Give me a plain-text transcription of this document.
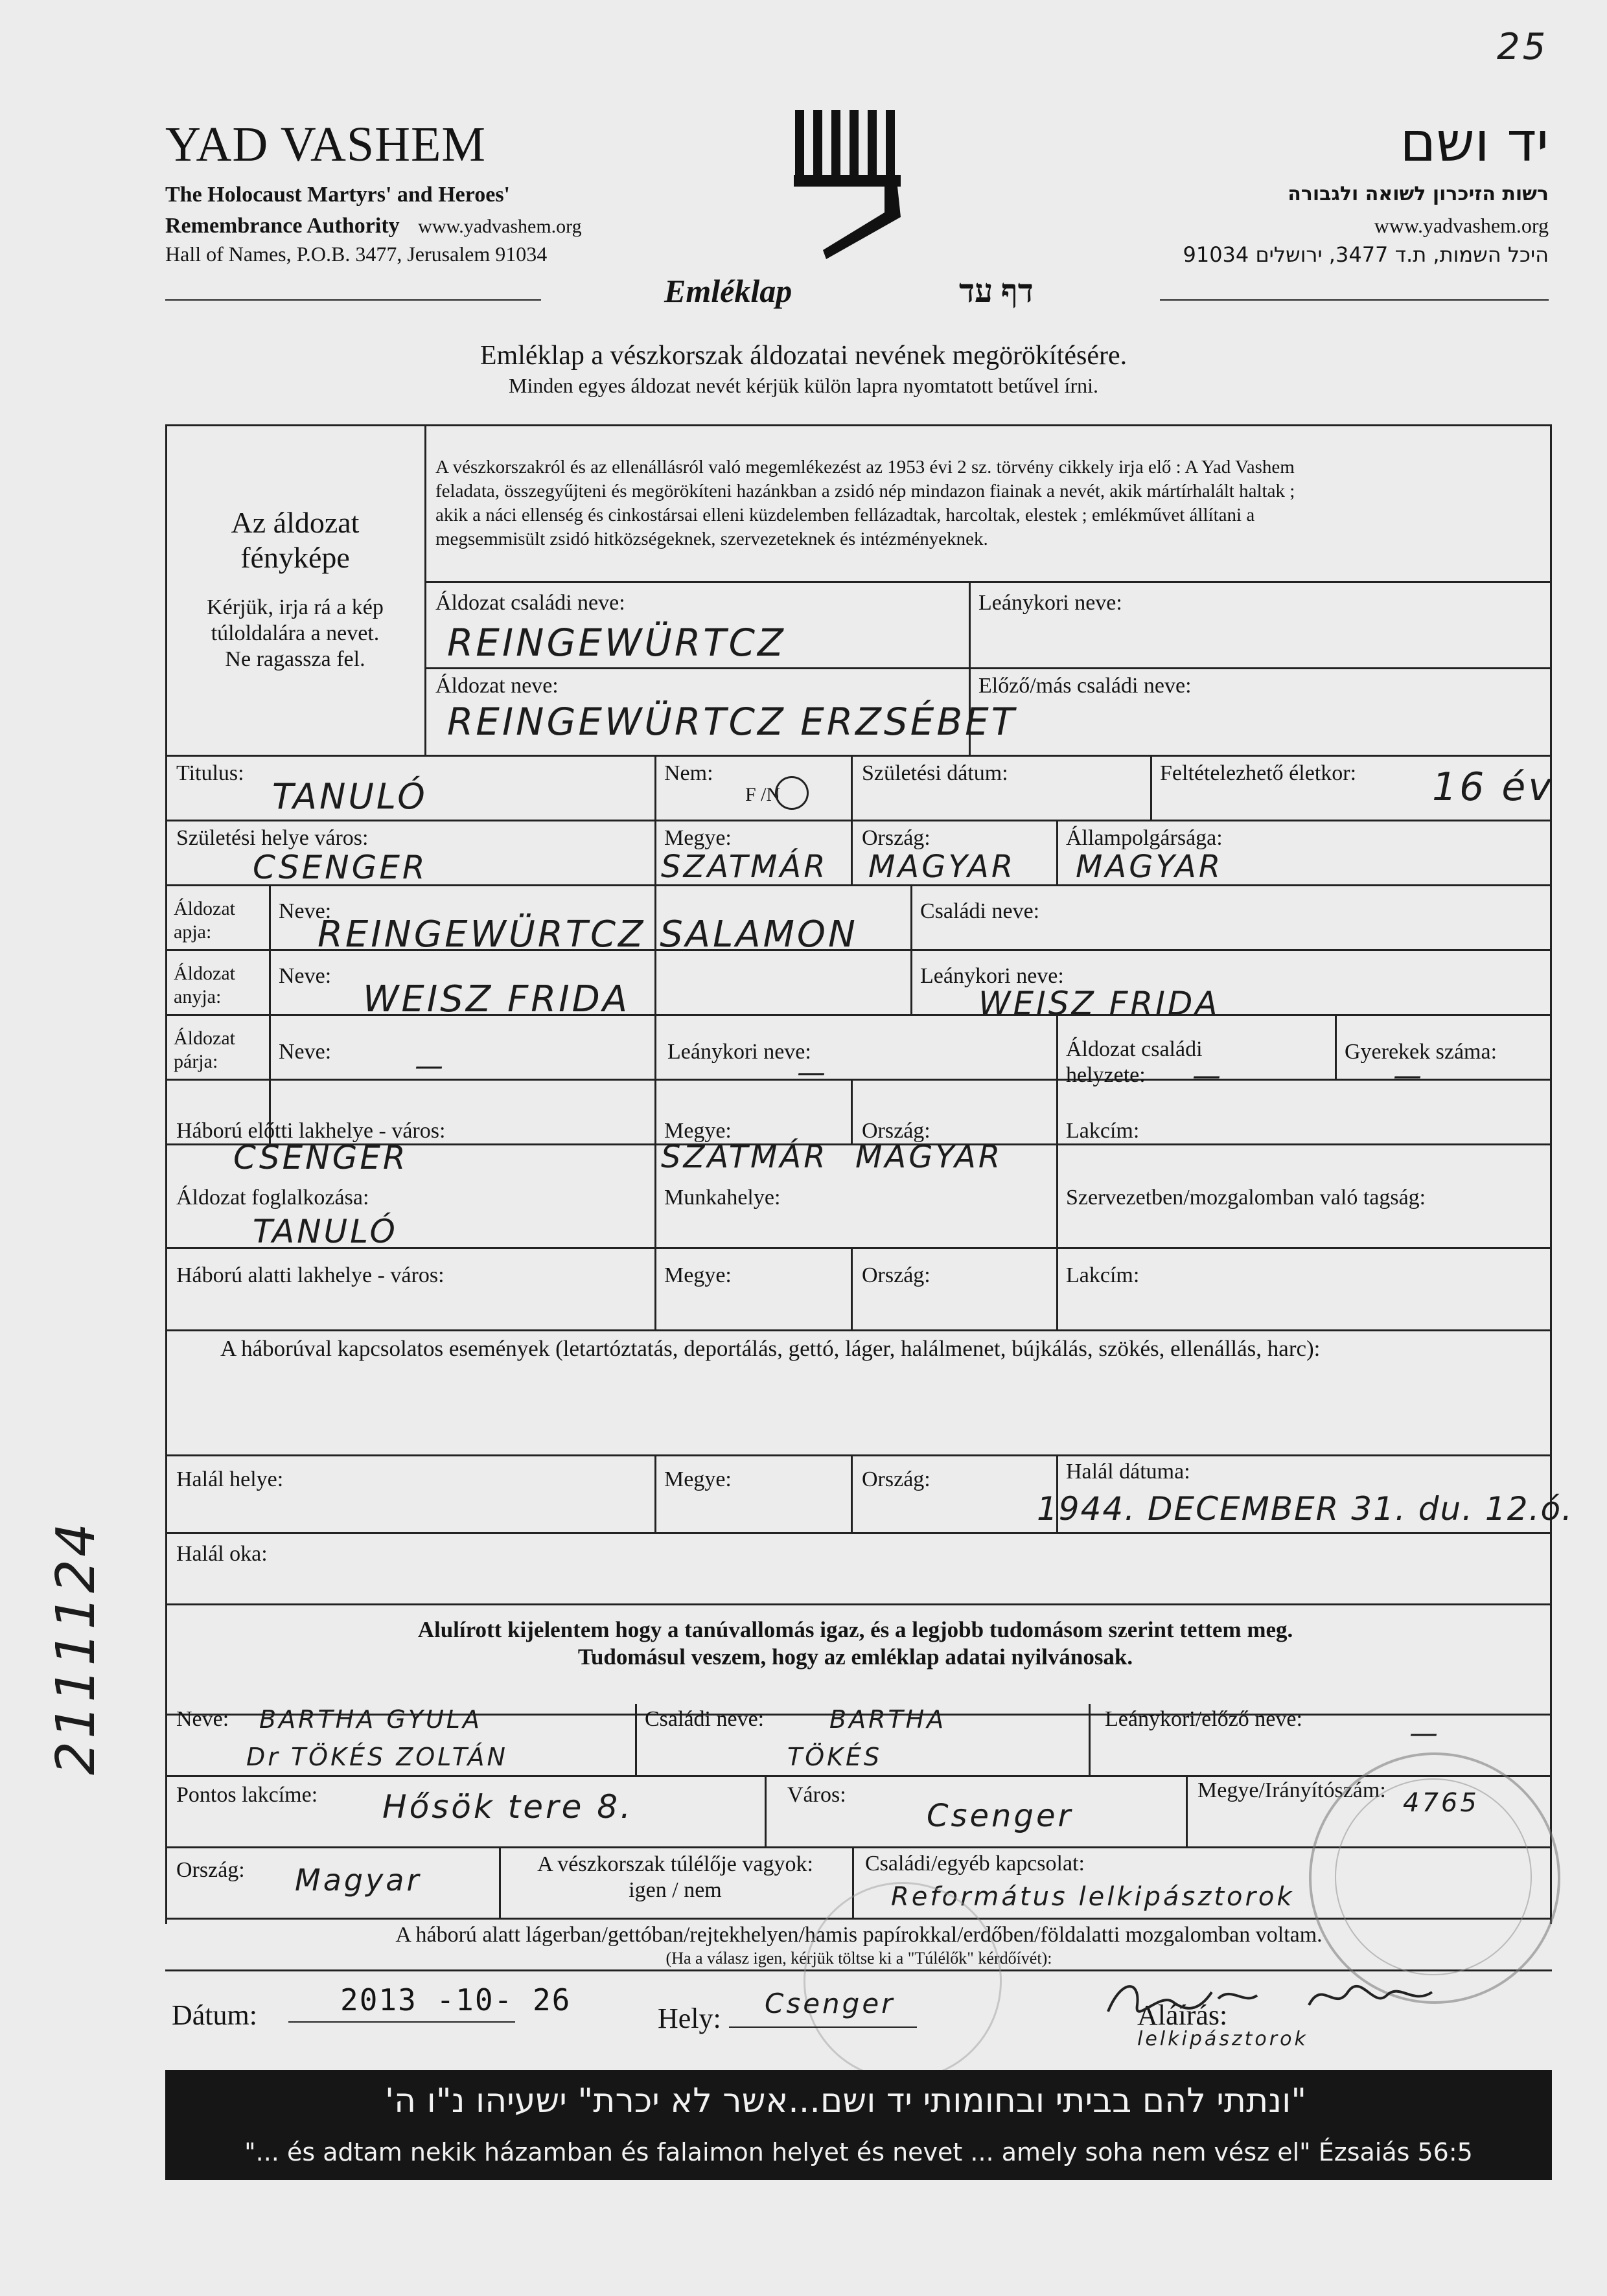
25
YAD VASHEM
The Holocaust Martyrs' and Heroes'
Remembrance Authority www.yadvashem.org
Hall of Names, P.O.B. 3477, Jerusalem 91034
Emléklap	דף עד
יד ושם
רשות הזיכרון לשואה ולגבורה
www.yadvashem.org
היכל השמות, ת.ד 3477, ירושלים 91034
Emléklap a vészkorszak áldozatai nevének megörökítésére.
Minden egyes áldozat nevét kérjük külön lapra nyomtatott betűvel írni.
Az áldozat
fényképe
Kérjük, irja rá a kép
túloldalára a nevet.
Ne ragassza fel.
A vészkorszakról és az ellenállásról való megemlékezést az 1953 évi 2 sz. törvény cikkely irja elő : A Yad Vashem
feladata, összegyűjteni és megörökíteni hazánkban a zsidó nép mindazon fiainak a nevét, akik mártírhalált haltak ;
akik a náci ellenség és cinkostársai elleni küzdelemben fellázadtak, harcoltak, elestek ; emlékművet állítani a
megsemmisült zsidó hitközségeknek, szervezeteknek és intézményeknek.
Áldozat családi neve:
REINGEWÜRTCZ
Leánykori neve:
Áldozat neve:
REINGEWÜRTCZ ERZSÉBET
Előző/más családi neve:
Titulus:
TANULÓ
Nem:
F /N
Születési dátum:	Feltételezhető életkor: 16 év
Születési helye város:
CSENGER
Megye:
SZATMÁR
Ország:
MAGYAR
Állampolgársága:
MAGYAR
Áldozat
apja:
Neve:
REINGEWÜRTCZ SALAMON
Családi neve:
Áldozat
anyja:
Neve:
WEISZ FRIDA
Leánykori neve:
WEISZ FRIDA
Áldozat
párja:	Neve:	—	Leánykori neve:
—
Áldozat családi
helyzete:	—
Gyerekek száma:
—
Háború előtti lakhelye - város:
CSENGER
Megye:
SZATMÁR
Ország:
MAGYAR
Lakcím:
Áldozat foglalkozása:
TANULÓ
Munkahelye:	Szervezetben/mozgalomban való tagság:
Háború alatti lakhelye - város:	Megye:	Ország:	Lakcím:
A háborúval kapcsolatos események (letartóztatás, deportálás, gettó, láger, halálmenet, bújkálás, szökés, ellenállás, harc):
Halál helye:	Megye:	Ország:	Halál dátuma:
1944. DECEMBER 31. du. 12.ó.
Halál oka:
2111124	Alulírott kijelentem hogy a tanúvallomás igaz, és a legjobb tudomásom szerint tettem meg.
Tudomásul veszem, hogy az emléklap adatai nyilvánosak.
Neve: BARTHA GYULA
Dr TÖKÉS ZOLTÁN
Családi neve:	BARTHA
TÖKÉS
Leánykori/előző neve:	—
Pontos lakcíme: Hősök tere 8.	Város:
Csenger
Megye/Irányítószám: 4765
Ország: Magyar	A vészkorszak túlélője vagyok:
igen / nem
Családi/egyéb kapcsolat:
Református lelkipásztorok
A háború alatt lágerban/gettóban/rejtekhelyen/hamis papírokkal/erdőben/földalatti mozgalomban voltam.
(Ha a válasz igen, kérjük töltse ki a "Túlélők" kérdőívét):
Dátum:	2013 -10- 26
Hely: Csenger	Aláírás:
lelkipásztorok
"ונתתי להם בביתי ובחומותי יד ושם...אשר לא יכרת" ישעיהו נ"ו ה'
"... és adtam nekik házamban és falaimon helyet és nevet ... amely soha nem vész el" Ézsaiás 56:5
